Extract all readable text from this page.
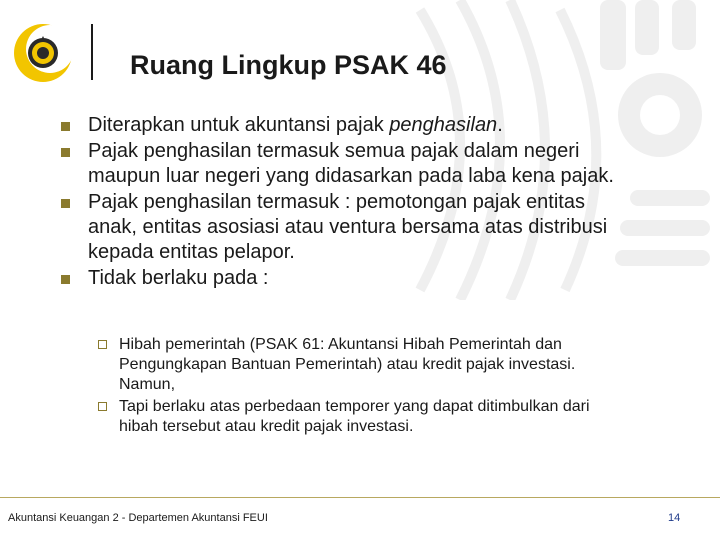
Ruang Lingkup PSAK 46
Diterapkan untuk akuntansi pajak penghasilan.
Pajak penghasilan termasuk semua pajak dalam negeri
maupun luar negeri yang didasarkan pada laba kena pajak.
Pajak penghasilan termasuk : pemotongan pajak entitas
anak, entitas asosiasi atau ventura bersama atas distribusi
kepada entitas pelapor.
Tidak berlaku pada :
Hibah pemerintah (PSAK 61: Akuntansi Hibah Pemerintah dan
Pengungkapan Bantuan Pemerintah) atau kredit pajak investasi.
Namun,
Tapi berlaku atas perbedaan temporer yang dapat ditimbulkan dari
hibah tersebut atau kredit pajak investasi.
Akuntansi Keuangan 2 - Departemen Akuntansi FEUI	14
